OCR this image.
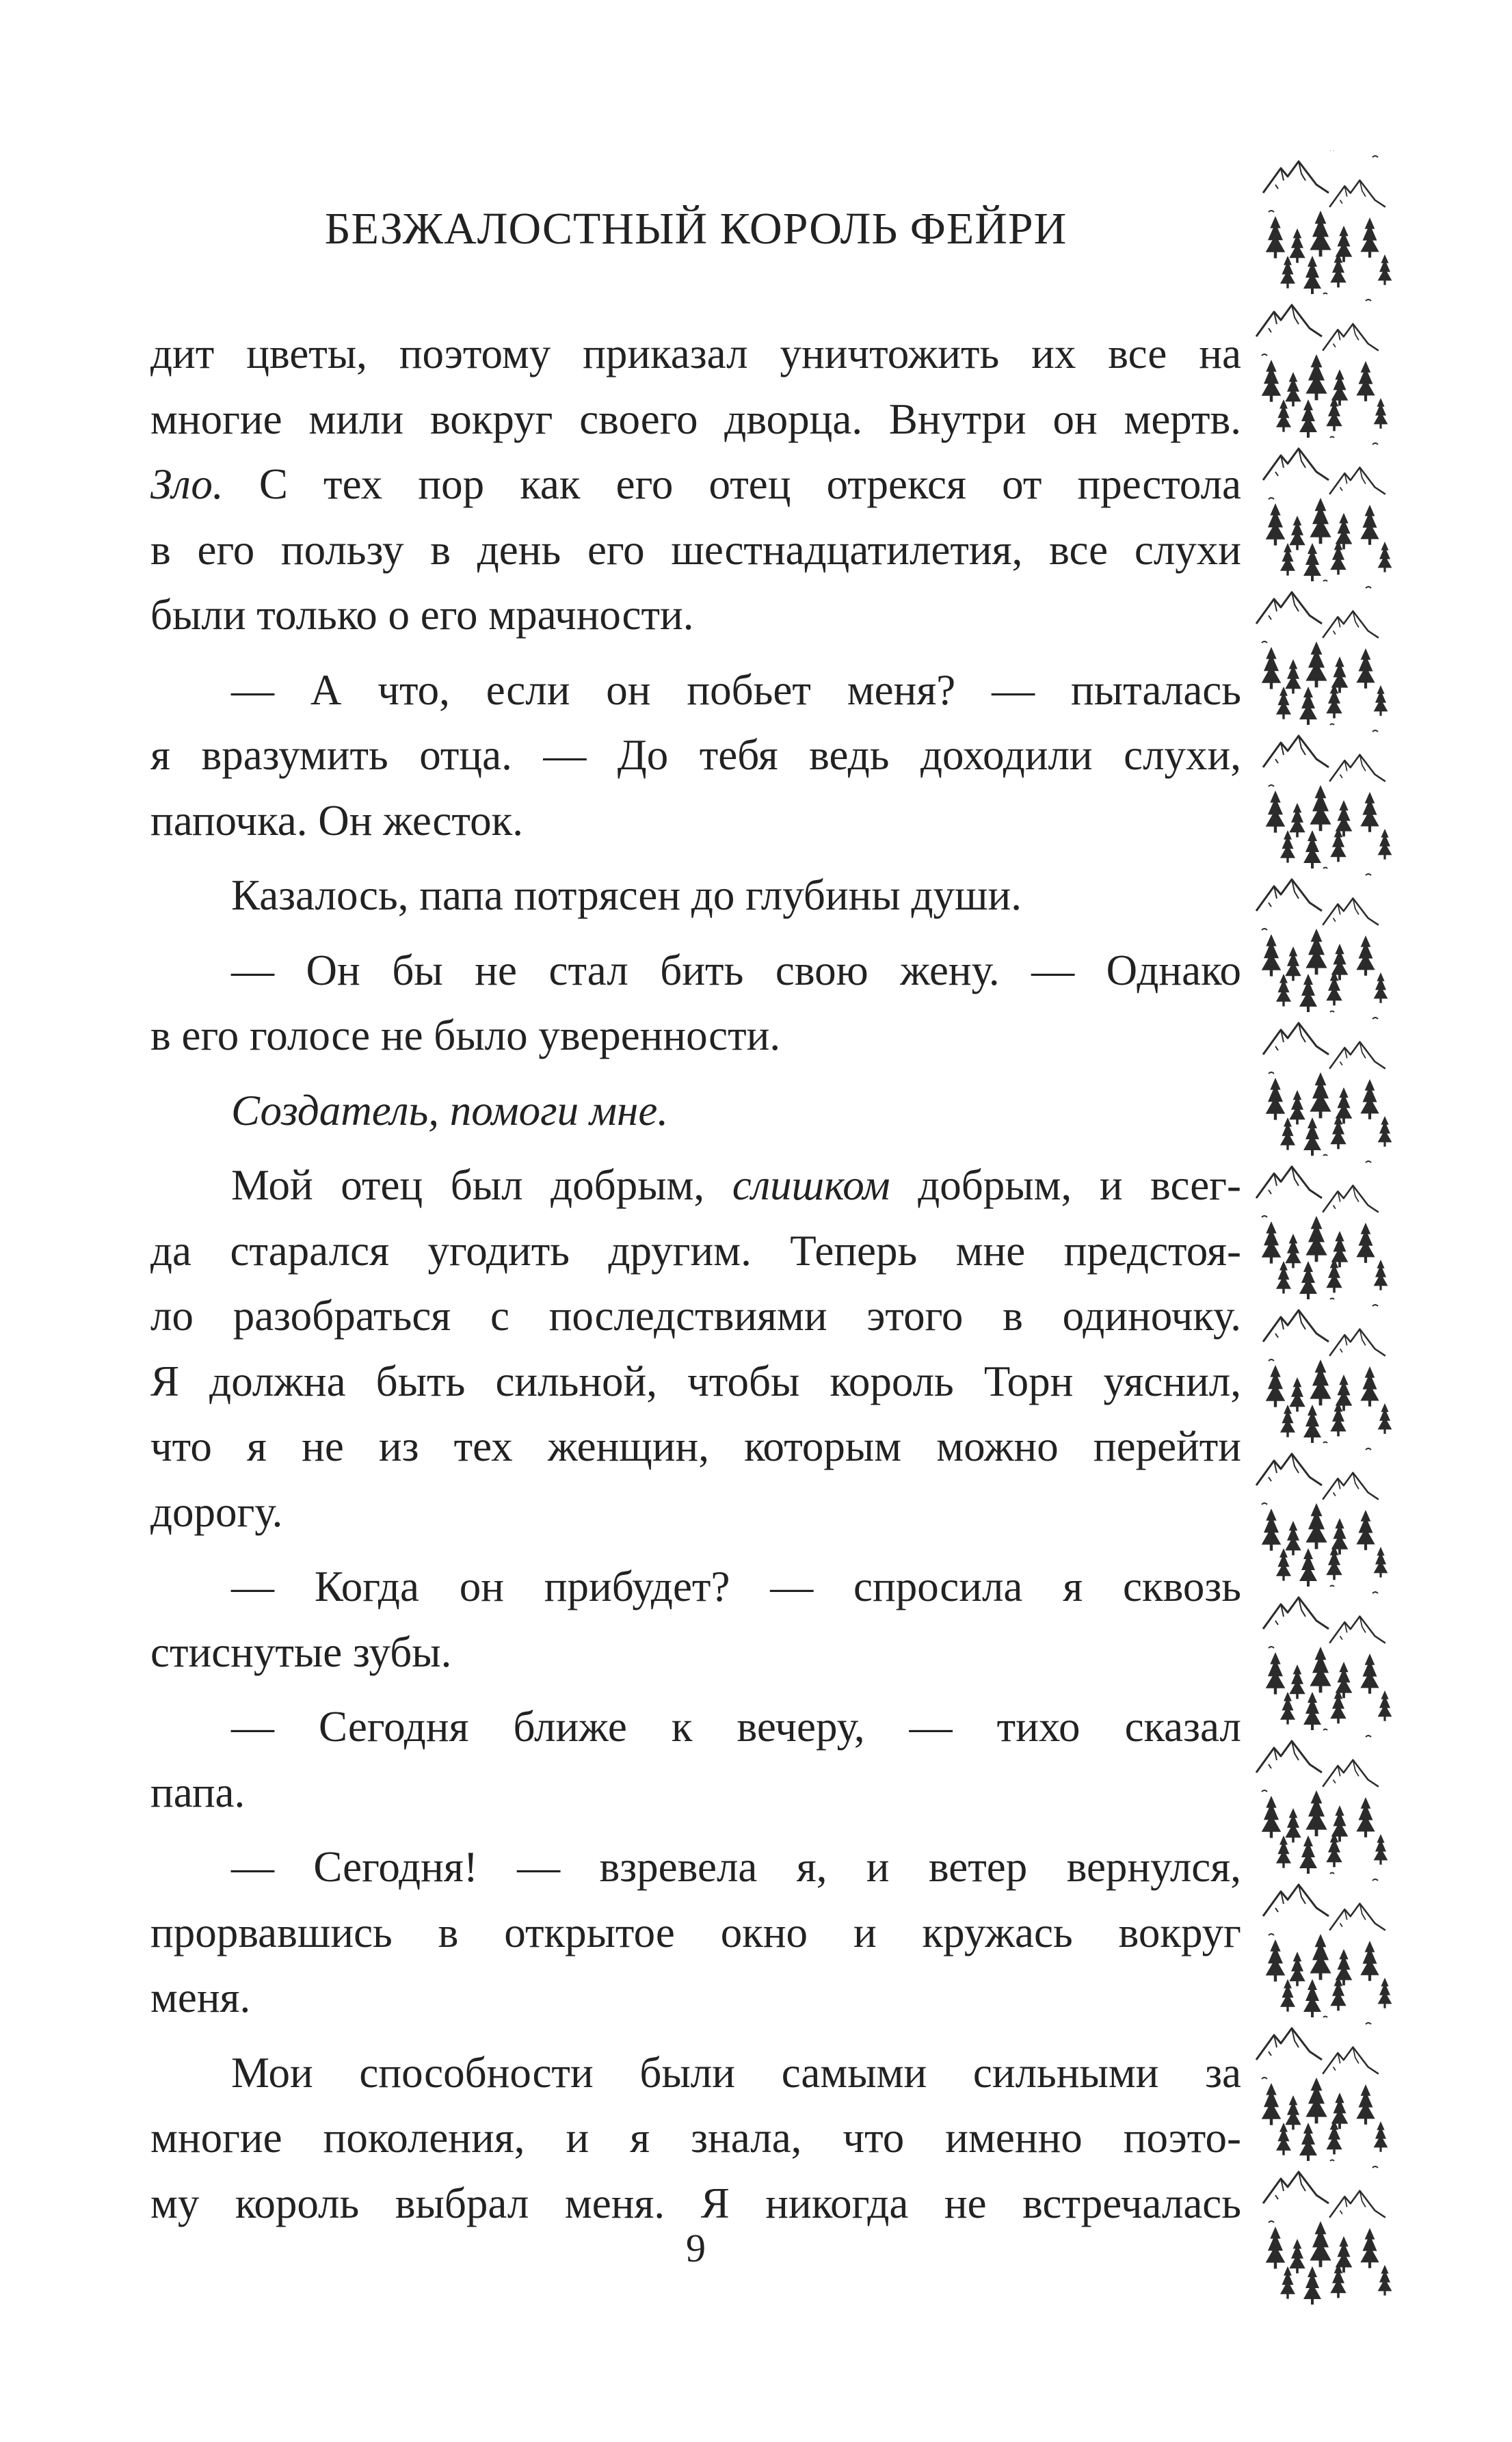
БЕЗЖАЛОСТНЫЙ КОРОЛЬ ФЕЙРИ
дит цветы, поэтому приказал уничтожить их все на
многие мили вокруг своего дворца. Внутри он мертв.
Зло. С тех пор как его отец отрекся от престола
в его пользу в день его шестнадцатилетия, все слухи
были только о его мрачности.
— А что, если он побьет меня? — пыталась
я вразумить отца. — До тебя ведь доходили слухи,
папочка. Он жесток.
Казалось, папа потрясен до глубины души.
— Он бы не стал бить свою жену. — Однако
в его голосе не было уверенности.
Создатель, помоги мне.
Мой отец был добрым, слишком добрым, и всег-
да старался угодить другим. Теперь мне предстоя-
ло разобраться с последствиями этого в одиночку.
Я должна быть сильной, чтобы король Торн уяснил,
что я не из тех женщин, которым можно перейти
дорогу.
— Когда он прибудет? — спросила я сквозь
стиснутые зубы.
— Сегодня ближе к вечеру, — тихо сказал
папа.
— Сегодня! — взревела я, и ветер вернулся,
прорвавшись в открытое окно и кружась вокруг
меня.
Мои способности были самыми сильными за
многие поколения, и я знала, что именно поэто-
му король выбрал меня. Я никогда не встречалась
9
